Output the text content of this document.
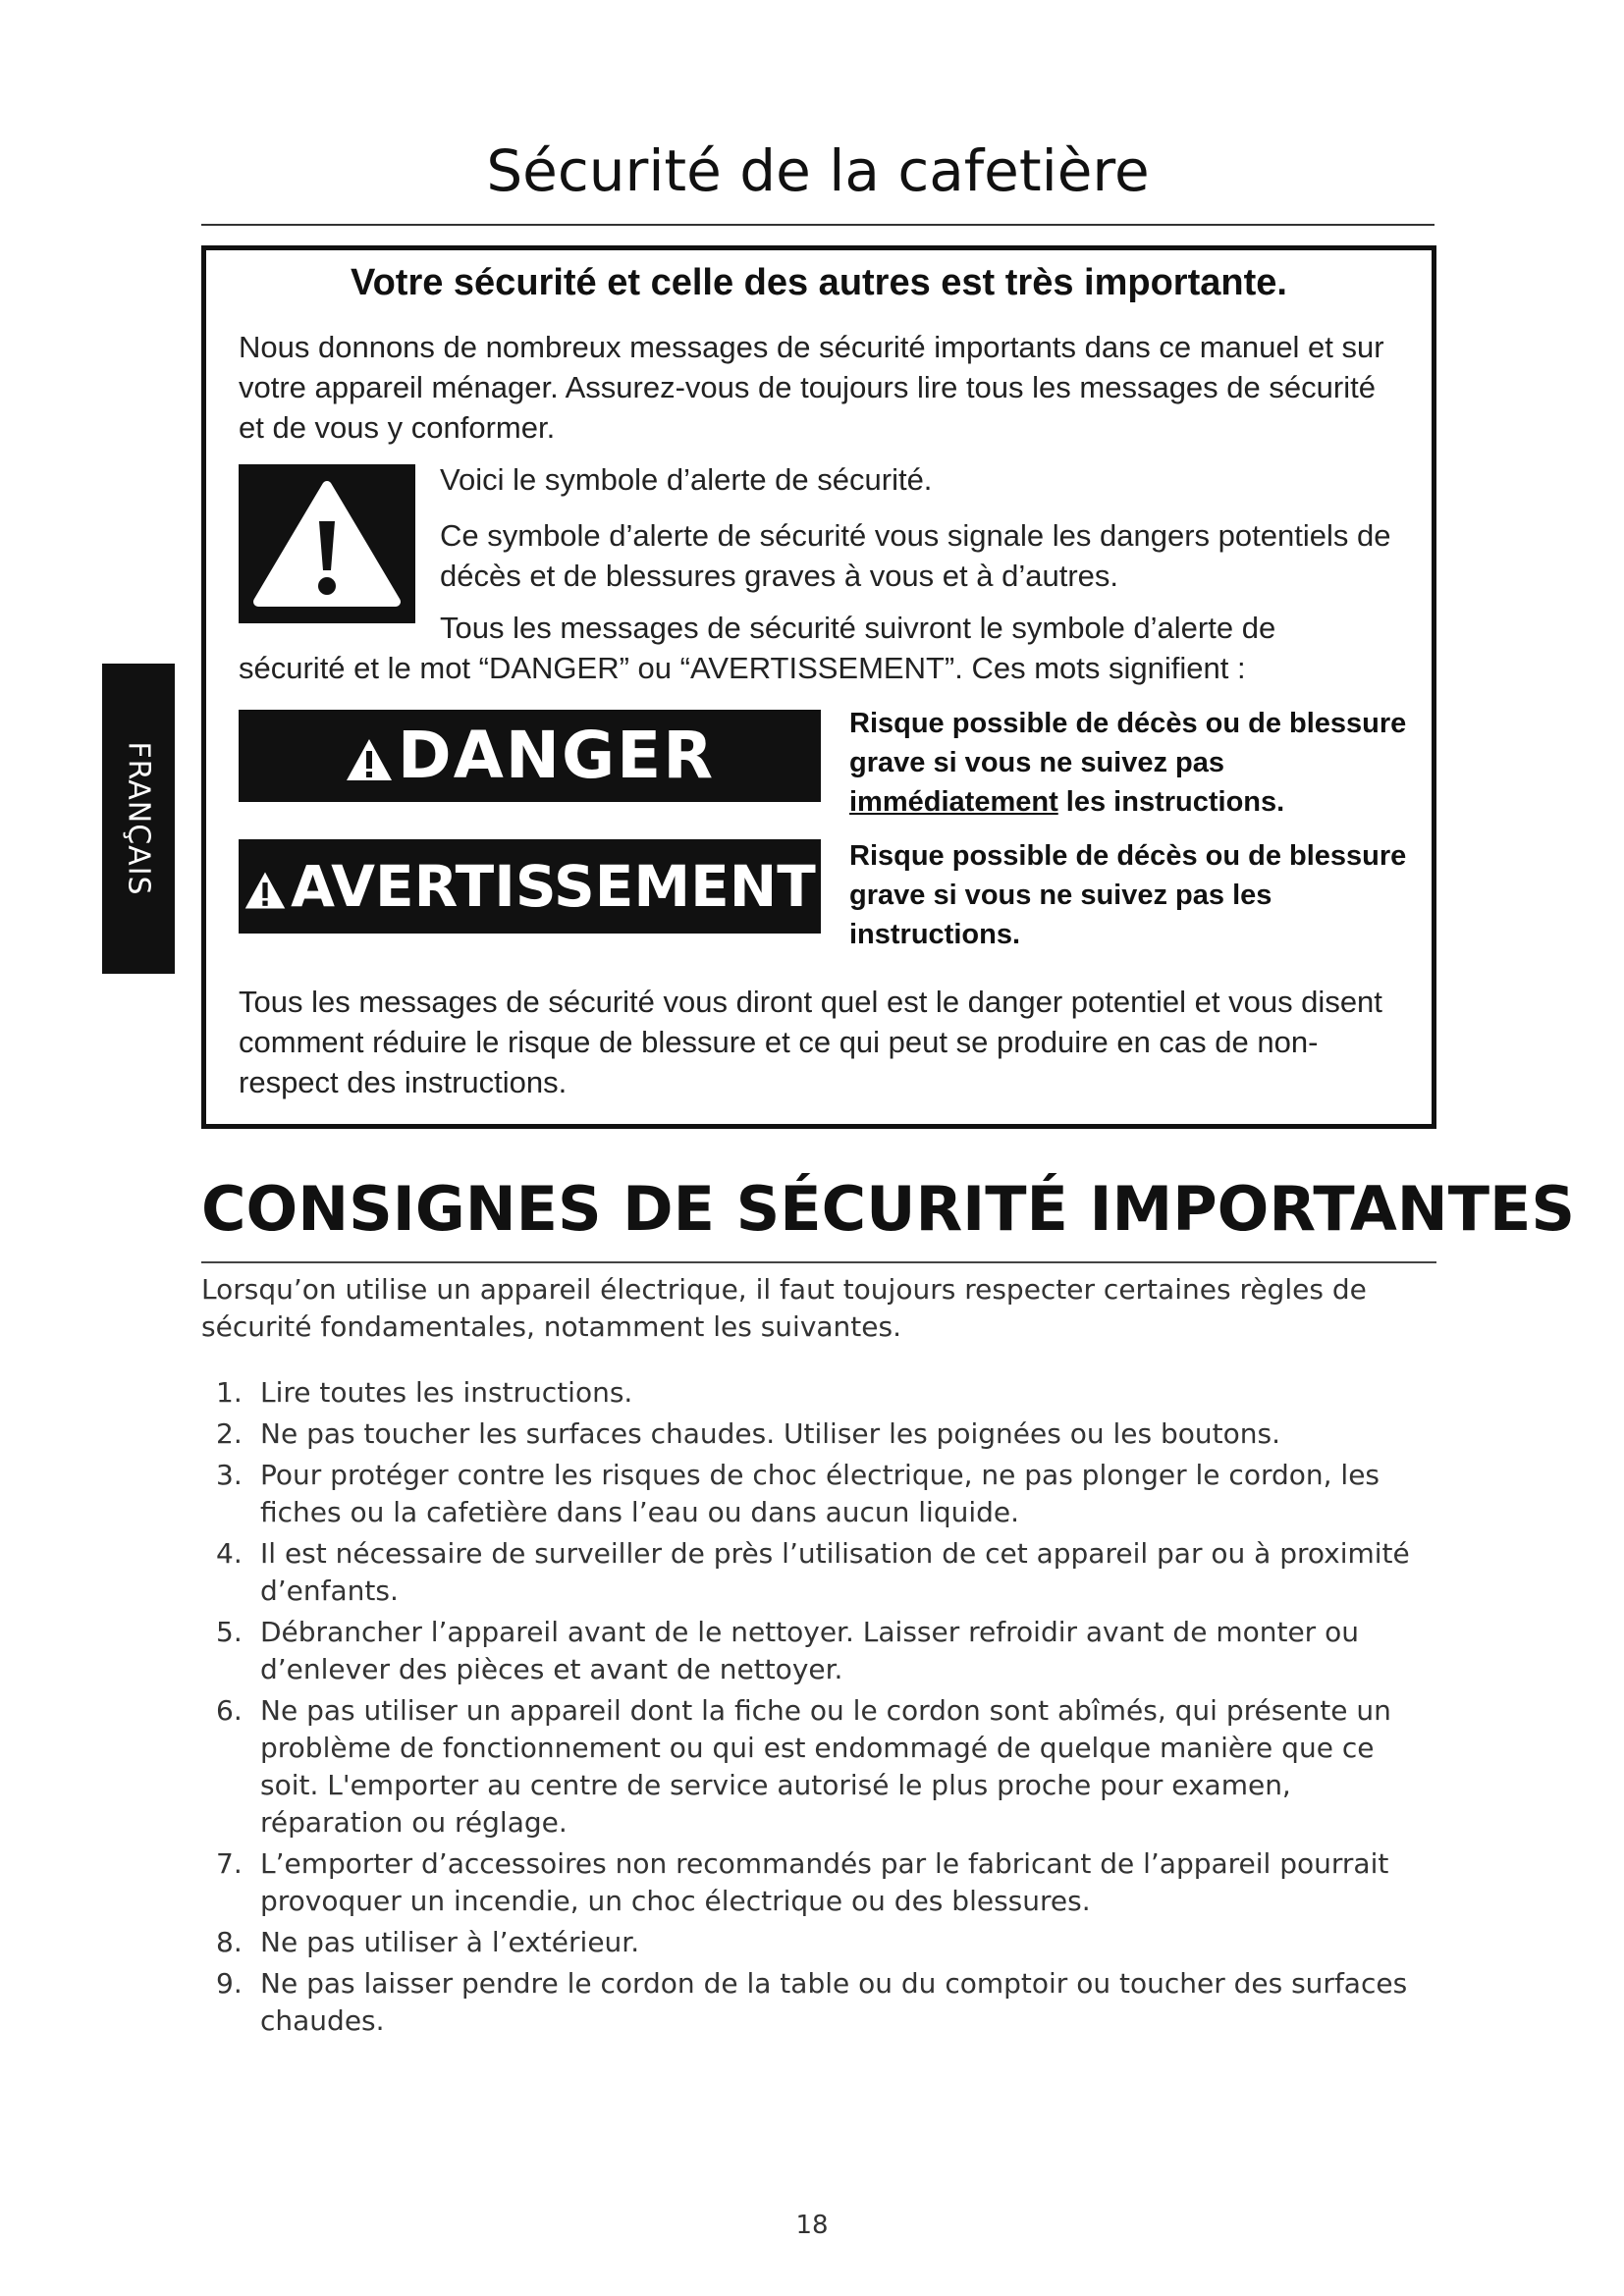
Sécurité de la cafetière
FRANÇAIS
Votre sécurité et celle des autres est très importante.

Nous donnons de nombreux messages de sécurité importants dans ce manuel et sur votre appareil ménager. Assurez-vous de toujours lire tous les messages de sécurité et de vous y conformer.

Voici le symbole d’alerte de sécurité.

Ce symbole d’alerte de sécurité vous signale les dangers potentiels de décès et de blessures graves à vous et à d’autres.

Tous les messages de sécurité suivront le symbole d’alerte de

sécurité et le mot “DANGER” ou “AVERTISSEMENT”. Ces mots signifient :

DANGER	Risque possible de décès ou de blessure grave si vous ne suivez pas
immédiatement les instructions.

AVERTISSEMENT Risque possible de décès ou de blessure grave si vous ne suivez pas les instructions.

Tous les messages de sécurité vous diront quel est le danger potentiel et vous disent comment réduire le risque de blessure et ce qui peut se produire en cas de non-respect des instructions.

CONSIGNES DE SÉCURITÉ IMPORTANTES

Lorsqu’on utilise un appareil électrique, il faut toujours respecter certaines règles de sécurité fondamentales, notamment les suivantes.

1. Lire toutes les instructions.
2. Ne pas toucher les surfaces chaudes. Utiliser les poignées ou les boutons.
3. Pour protéger contre les risques de choc électrique, ne pas plonger le cordon, les fiches ou la cafetière dans l’eau ou dans aucun liquide.
4. Il est nécessaire de surveiller de près l’utilisation de cet appareil par ou à proximité d’enfants.
5. Débrancher l’appareil avant de le nettoyer. Laisser refroidir avant de monter ou d’enlever des pièces et avant de nettoyer.
6. Ne pas utiliser un appareil dont la fiche ou le cordon sont abîmés, qui présente un problème de fonctionnement ou qui est endommagé de quelque manière que ce soit. L'emporter au centre de service autorisé le plus proche pour examen, réparation ou réglage.
7. L’emporter d’accessoires non recommandés par le fabricant de l’appareil pourrait provoquer un incendie, un choc électrique ou des blessures.
8. Ne pas utiliser à l’extérieur.
9. Ne pas laisser pendre le cordon de la table ou du comptoir ou toucher des surfaces chaudes.
18
